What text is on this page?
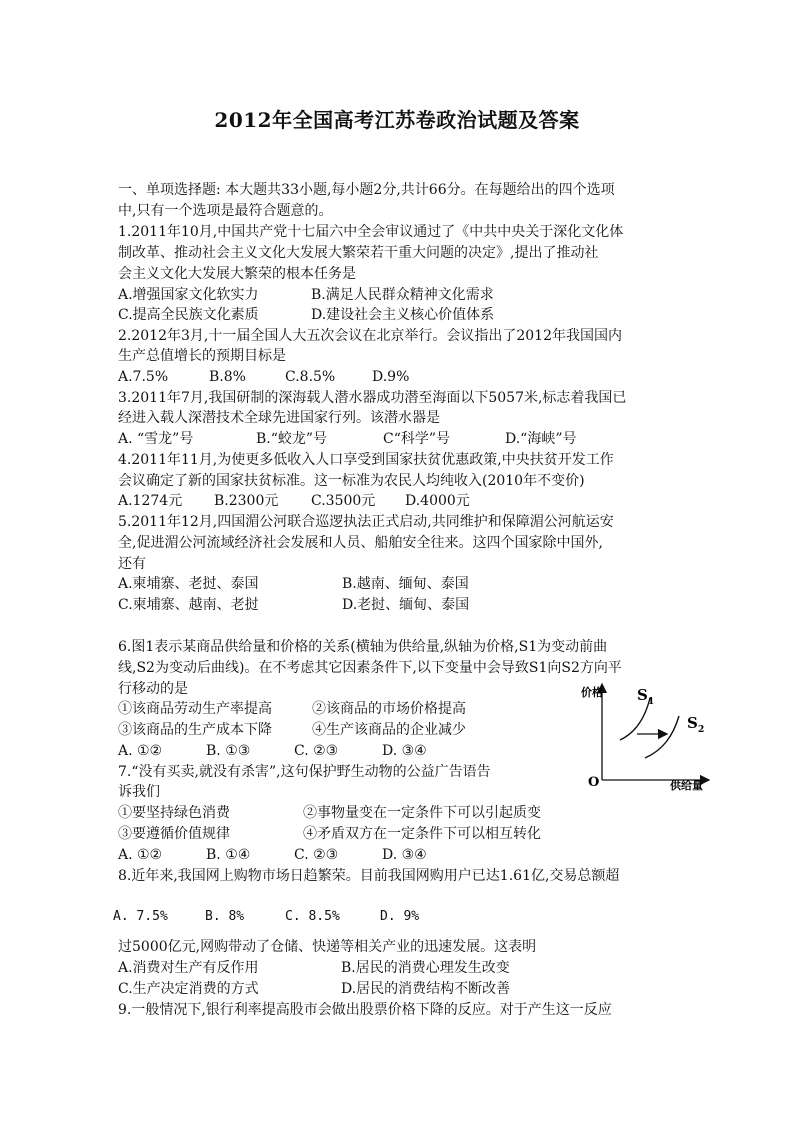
2012年全国高考江苏卷政治试题及答案
一、单项选择题: 本大题共33小题,每小题2分,共计66分。在每题给出的四个选项
中,只有一个选项是最符合题意的。
1.2011年10月,中国共产党十七届六中全会审议通过了《中共中央关于深化文化体
制改革、推动社会主义文化大发展大繁荣若干重大问题的决定》,提出了推动社
会主义文化大发展大繁荣的根本任务是
A.增强国家文化软实力	B.满足人民群众精神文化需求
C.提高全民族文化素质	D.建设社会主义核心价值体系
2.2012年3月,十一届全国人大五次会议在北京举行。会议指出了2012年我国国内
生产总值增长的预期目标是
A.7.5%	B.8%	C.8.5%	D.9%
3.2011年7月,我国研制的深海载人潜水器成功潜至海面以下5057米,标志着我国已
经进入载人深潜技术全球先进国家行列。该潜水器是
A. “雪龙”号	B.“蛟龙”号	C“科学”号	D.“海峡”号
4.2011年11月,为使更多低收入人口享受到国家扶贫优惠政策,中央扶贫开发工作
会议确定了新的国家扶贫标准。这一标准为农民人均纯收入(2010年不变价)
A.1274元 B.2300元 C.3500元 D.4000元
5.2011年12月,四国湄公河联合巡逻执法正式启动,共同维护和保障湄公河航运安
全,促进湄公河流域经济社会发展和人员、船舶安全往来。这四个国家除中国外,
还有
A.柬埔寨、老挝、泰国	B.越南、缅甸、泰国
C.柬埔寨、越南、老挝	D.老挝、缅甸、泰国
6.图1表示某商品供给量和价格的关系(横轴为供给量,纵轴为价格,S1为变动前曲
线,S2为变动后曲线)。在不考虑其它因素条件下,以下变量中会导致S1向S2方向平
行移动的是
①该商品劳动生产率提高	②该商品的市场价格提高
③该商品的生产成本下降	④生产该商品的企业减少
A. ①②	B. ①③	C. ②③	D. ③④
价格
供给量
O
S 1
S 2
7.“没有买卖,就没有杀害”,这句保护野生动物的公益广告语告
诉我们
①要坚持绿色消费	②事物量变在一定条件下可以引起质变
③要遵循价值规律	④矛盾双方在一定条件下可以相互转化
A. ①②	B. ①④	C. ②③	D. ③④
8.近年来,我国网上购物市场日趋繁荣。目前我国网购用户已达1.61亿,交易总额超
A. 7.5%	B. 8%	C. 8.5%	D. 9%
过5000亿元,网购带动了仓储、快递等相关产业的迅速发展。这表明
A.消费对生产有反作用	B.居民的消费心理发生改变
C.生产决定消费的方式	D.居民的消费结构不断改善
9.一般情况下,银行利率提高股市会做出股票价格下降的反应。对于产生这一反应
